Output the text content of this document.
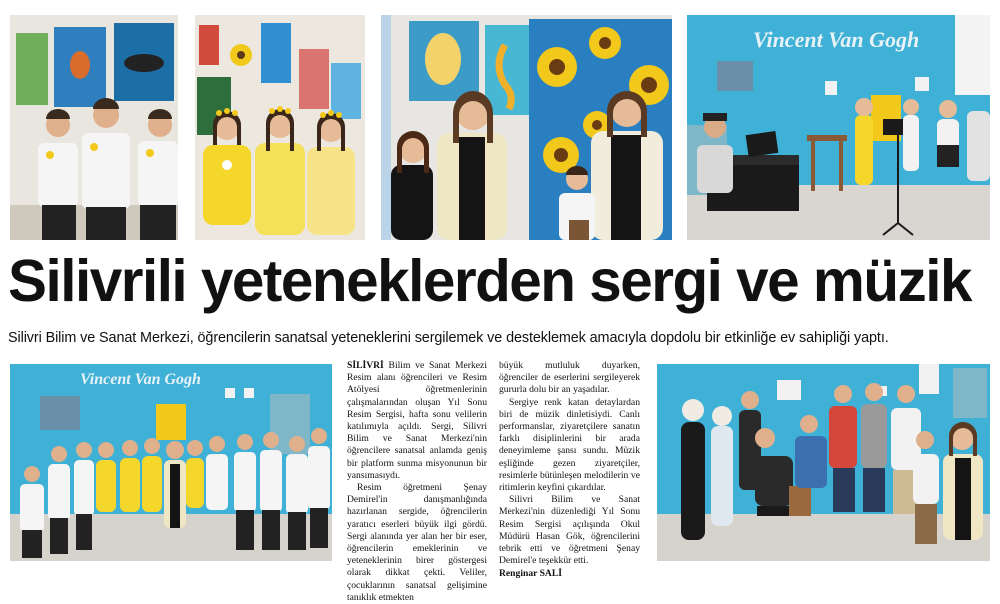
Vincent Van Gogh
Silivrili yeteneklerden sergi ve müzik
Silivri Bilim ve Sanat Merkezi, öğrencilerin sanatsal yeteneklerini sergilemek ve desteklemek amacıyla dopdolu bir etkinliğe ev sahipliği yaptı.
Vincent Van Gogh

SİLİVRİ Bilim ve Sanat Merkezi Resim alanı öğrencileri ve Resim Atölyesi öğretmenlerinin çalışmalarından oluşan Yıl Sonu Resim Sergisi, hafta sonu velilerin katılımıyla açıldı. Sergi, Silivri Bilim ve Sanat Merkezi'nin öğrencilere sanatsal anlamda geniş bir platform sunma misyonunun bir yansımasıydı.

Resim öğretmeni Şenay Demirel'in danışmanlığında hazırlanan sergide, öğrencilerin yaratıcı eserleri büyük ilgi gördü. Sergi alanında yer alan her bir eser, öğrencilerin emeklerinin ve yeteneklerinin birer göstergesi olarak dikkat çekti. Veliler, çocuklarının sanatsal gelişimine tanıklık etmekten

büyük mutluluk duyarken, öğrenciler de eserlerini sergileyerek gururla dolu bir an yaşadılar.

Sergiye renk katan detaylardan biri de müzik dinletisiydi. Canlı performanslar, ziyaretçilere sanatın farklı disiplinlerini bir arada deneyimleme şansı sundu. Müzik eşliğinde gezen ziyaretçiler, resimlerle bütünleşen melodilerin ve ritimlerin keyfini çıkardılar.

Silivri Bilim ve Sanat Merkezi'nin düzenlediği Yıl Sonu Resim Sergisi açılışında Okul Müdürü Hasan Gök, öğrencilerini tebrik etti ve öğretmeni Şenay Demirel'e teşekkür etti.

Renginar SALİ
